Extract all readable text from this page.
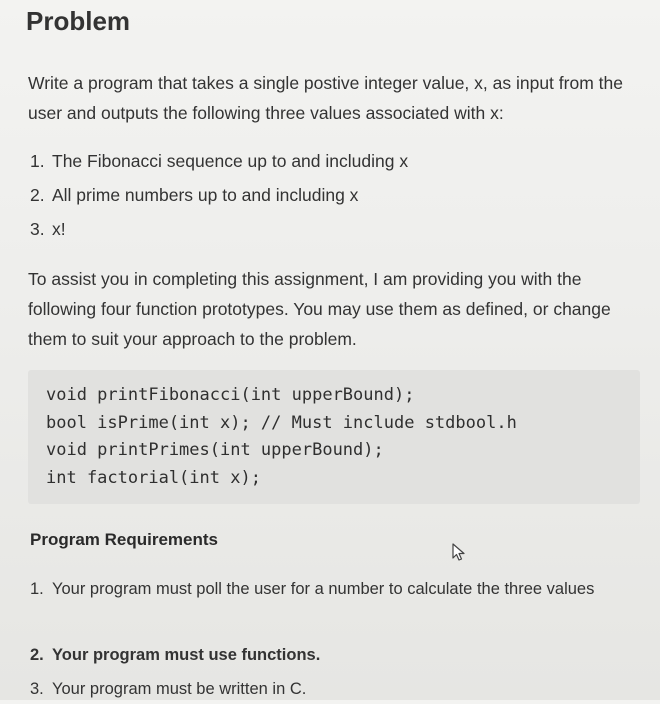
Problem

Write a program that takes a single postive integer value, x, as input from the user and outputs the following three values associated with x:

1. The Fibonacci sequence up to and including x
2. All prime numbers up to and including x
3. x!

To assist you in completing this assignment, I am providing you with the following four function prototypes. You may use them as defined, or change them to suit your approach to the problem.

void printFibonacci(int upperBound);
bool isPrime(int x); // Must include stdbool.h
void printPrimes(int upperBound);
int factorial(int x);
Program Requirements
1. Your program must poll the user for a number to calculate the three values
2. Your program must use functions.
3. Your program must be written in C.
